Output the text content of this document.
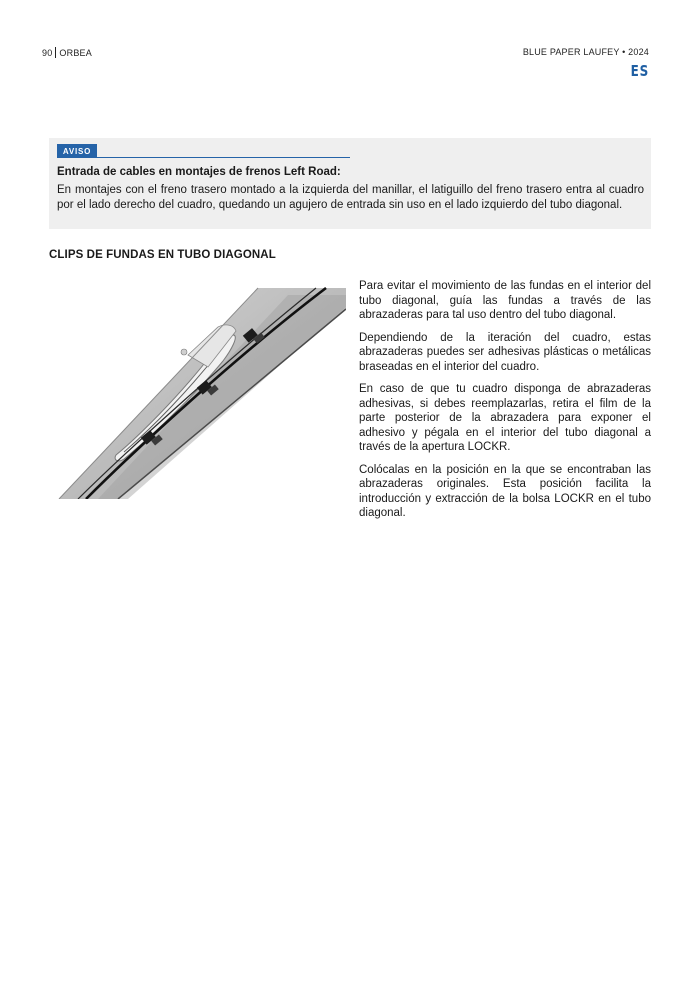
90 ORBEA	BLUE PAPER LAUFEY • 2024
ES
AVISO
Entrada de cables en montajes de frenos Left Road:
En montajes con el freno trasero montado a la izquierda del manillar, el latiguillo del freno trasero entra al cuadro por el lado derecho del cuadro, quedando un agujero de entrada sin uso en el lado izquierdo del tubo diagonal.
CLIPS DE FUNDAS EN TUBO DIAGONAL

Para evitar el movimiento de las fundas en el interior del tubo diagonal, guía las fundas a través de las abrazaderas para tal uso dentro del tubo diagonal.

Dependiendo de la iteración del cuadro, estas abrazaderas puedes ser adhesivas plásticas o metálicas braseadas en el interior del cuadro.

En caso de que tu cuadro disponga de abrazaderas adhesivas, si debes reemplazarlas, retira el film de la parte posterior de la abrazadera para exponer el adhesivo y pégala en el interior del tubo diagonal a través de la apertura LOCKR.

Colócalas en la posición en la que se encontraban las abrazaderas originales. Esta posición facilita la introducción y extracción de la bolsa LOCKR en el tubo diagonal.
